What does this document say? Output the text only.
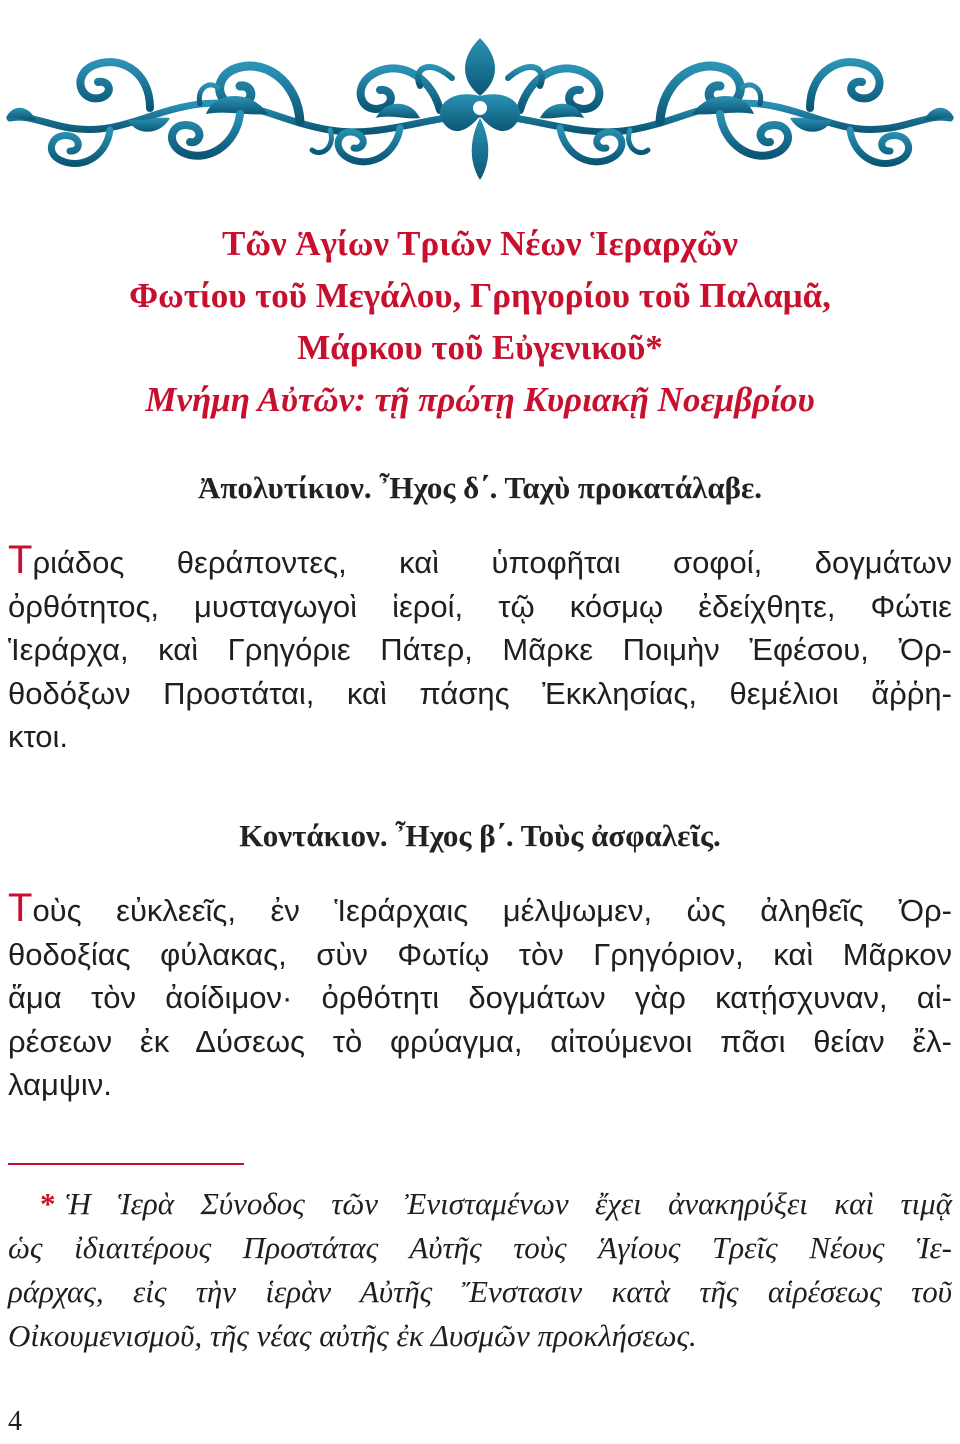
Τῶν Ἁγίων Τριῶν Νέων Ἱεραρχῶν
Φωτίου τοῦ Μεγάλου, Γρηγορίου τοῦ Παλαμᾶ,
Μάρκου τοῦ Εὐγενικοῦ*
Μνήμη Αὐτῶν: τῇ πρώτῃ Κυριακῇ Νοεμβρίου
Ἀπολυτίκιον. Ἦχος δ΄. Ταχὺ προκατάλαβε.
Τριάδος θεράποντες, καὶ ὑποφῆται σοφοί, δογμάτων
ὀρθότητος, μυσταγωγοὶ ἱεροί, τῷ κόσμῳ ἐδείχθητε, Φώτιε
Ἱεράρχα, καὶ Γρηγόριε Πάτερ, Μᾶρκε Ποιμὴν Ἐφέσου, Ὀρ-
θοδόξων Προστάται, καὶ πάσης Ἐκκλησίας, θεμέλιοι ἄῤῥη-
κτοι.
Κοντάκιον. Ἦχος β΄. Τοὺς ἀσφαλεῖς.
Τοὺς εὐκλεεῖς, ἐν Ἱεράρχαις μέλψωμεν, ὡς ἀληθεῖς Ὀρ-
θοδοξίας φύλακας, σὺν Φωτίῳ τὸν Γρηγόριον, καὶ Μᾶρκον
ἅμα τὸν ἀοίδιμον· ὀρθότητι δογμάτων γὰρ κατῄσχυναν, αἱ-
ρέσεων ἐκ Δύσεως τὸ φρύαγμα, αἰτούμενοι πᾶσι θείαν ἔλ-
λαμψιν.
* Ἡ Ἱερὰ Σύνοδος τῶν Ἐνισταμένων ἔχει ἀνακηρύξει καὶ τιμᾷ
ὡς ἰδιαιτέρους Προστάτας Αὐτῆς τοὺς Ἁγίους Τρεῖς Νέους Ἱε-
ράρχας, εἰς τὴν ἱερὰν Αὐτῆς Ἔνστασιν κατὰ τῆς αἱρέσεως τοῦ
Οἰκουμενισμοῦ, τῆς νέας αὐτῆς ἐκ Δυσμῶν προκλήσεως.
4
